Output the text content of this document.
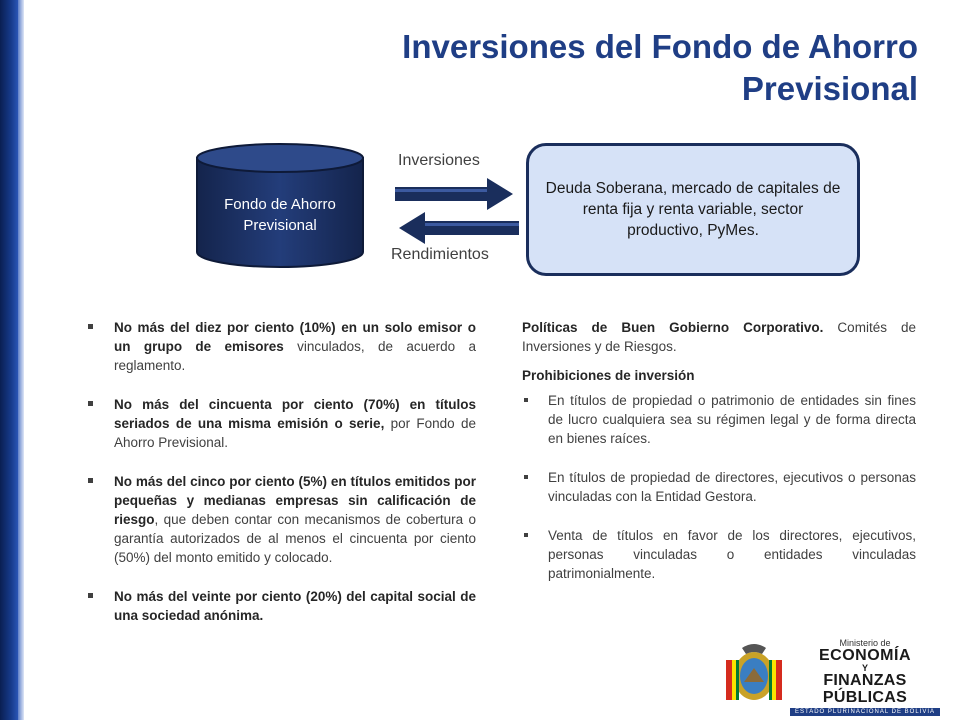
Inversiones del Fondo de Ahorro Previsional
Fondo de Ahorro Previsional
Inversiones
Rendimientos
Deuda Soberana, mercado de capitales de renta fija y renta variable, sector productivo, PyMes.
No más del diez por ciento (10%) en un solo emisor o un grupo de emisores vinculados, de acuerdo a reglamento.
No más del cincuenta por ciento (70%) en títulos seriados de una misma emisión o serie, por Fondo de Ahorro Previsional.
No más del cinco por ciento (5%) en títulos emitidos por pequeñas y medianas empresas sin calificación de riesgo, que deben contar con mecanismos de cobertura o garantía autorizados de al menos el cincuenta por ciento (50%) del monto emitido y colocado.
No más del veinte por ciento (20%) del capital social de una sociedad anónima.
Políticas de Buen Gobierno Corporativo. Comités de Inversiones y de Riesgos.
Prohibiciones de inversión
En títulos de propiedad o patrimonio de entidades sin fines de lucro cualquiera sea su régimen legal y de forma directa en bienes raíces.
En títulos de propiedad de directores, ejecutivos o personas vinculadas con la Entidad Gestora.
Venta de títulos en favor de los directores, ejecutivos, personas vinculadas o entidades vinculadas patrimonialmente.
Ministerio de
ECONOMÍA
Y
FINANZAS PÚBLICAS
ESTADO PLURINACIONAL DE BOLIVIA
